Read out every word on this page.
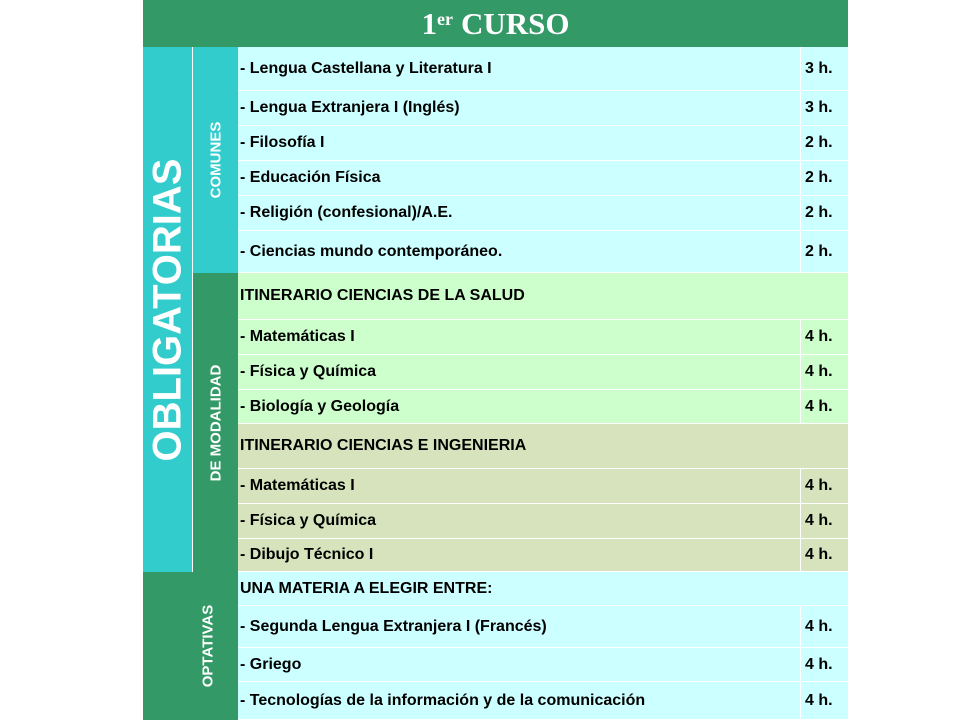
1er CURSO
OBLIGATORIAS
OPTATIVAS
COMUNES
DE MODALIDAD
- Lengua Castellana y Literatura I	3 h.
- Lengua Extranjera I (Inglés)	3 h.
- Filosofía I	2 h.
- Educación Física	2 h.
- Religión (confesional)/A.E.	2 h.
- Ciencias mundo contemporáneo.	2 h.
ITINERARIO CIENCIAS DE LA SALUD
- Matemáticas I	4 h.
- Física y Química	4 h.
- Biología y Geología	4 h.
ITINERARIO CIENCIAS E INGENIERIA
- Matemáticas I	4 h.
- Física y Química	4 h.
- Dibujo Técnico I	4 h.
UNA MATERIA A ELEGIR ENTRE:
- Segunda Lengua Extranjera I (Francés)	4 h.
- Griego	4 h.
- Tecnologías de la información y de la comunicación	4 h.
